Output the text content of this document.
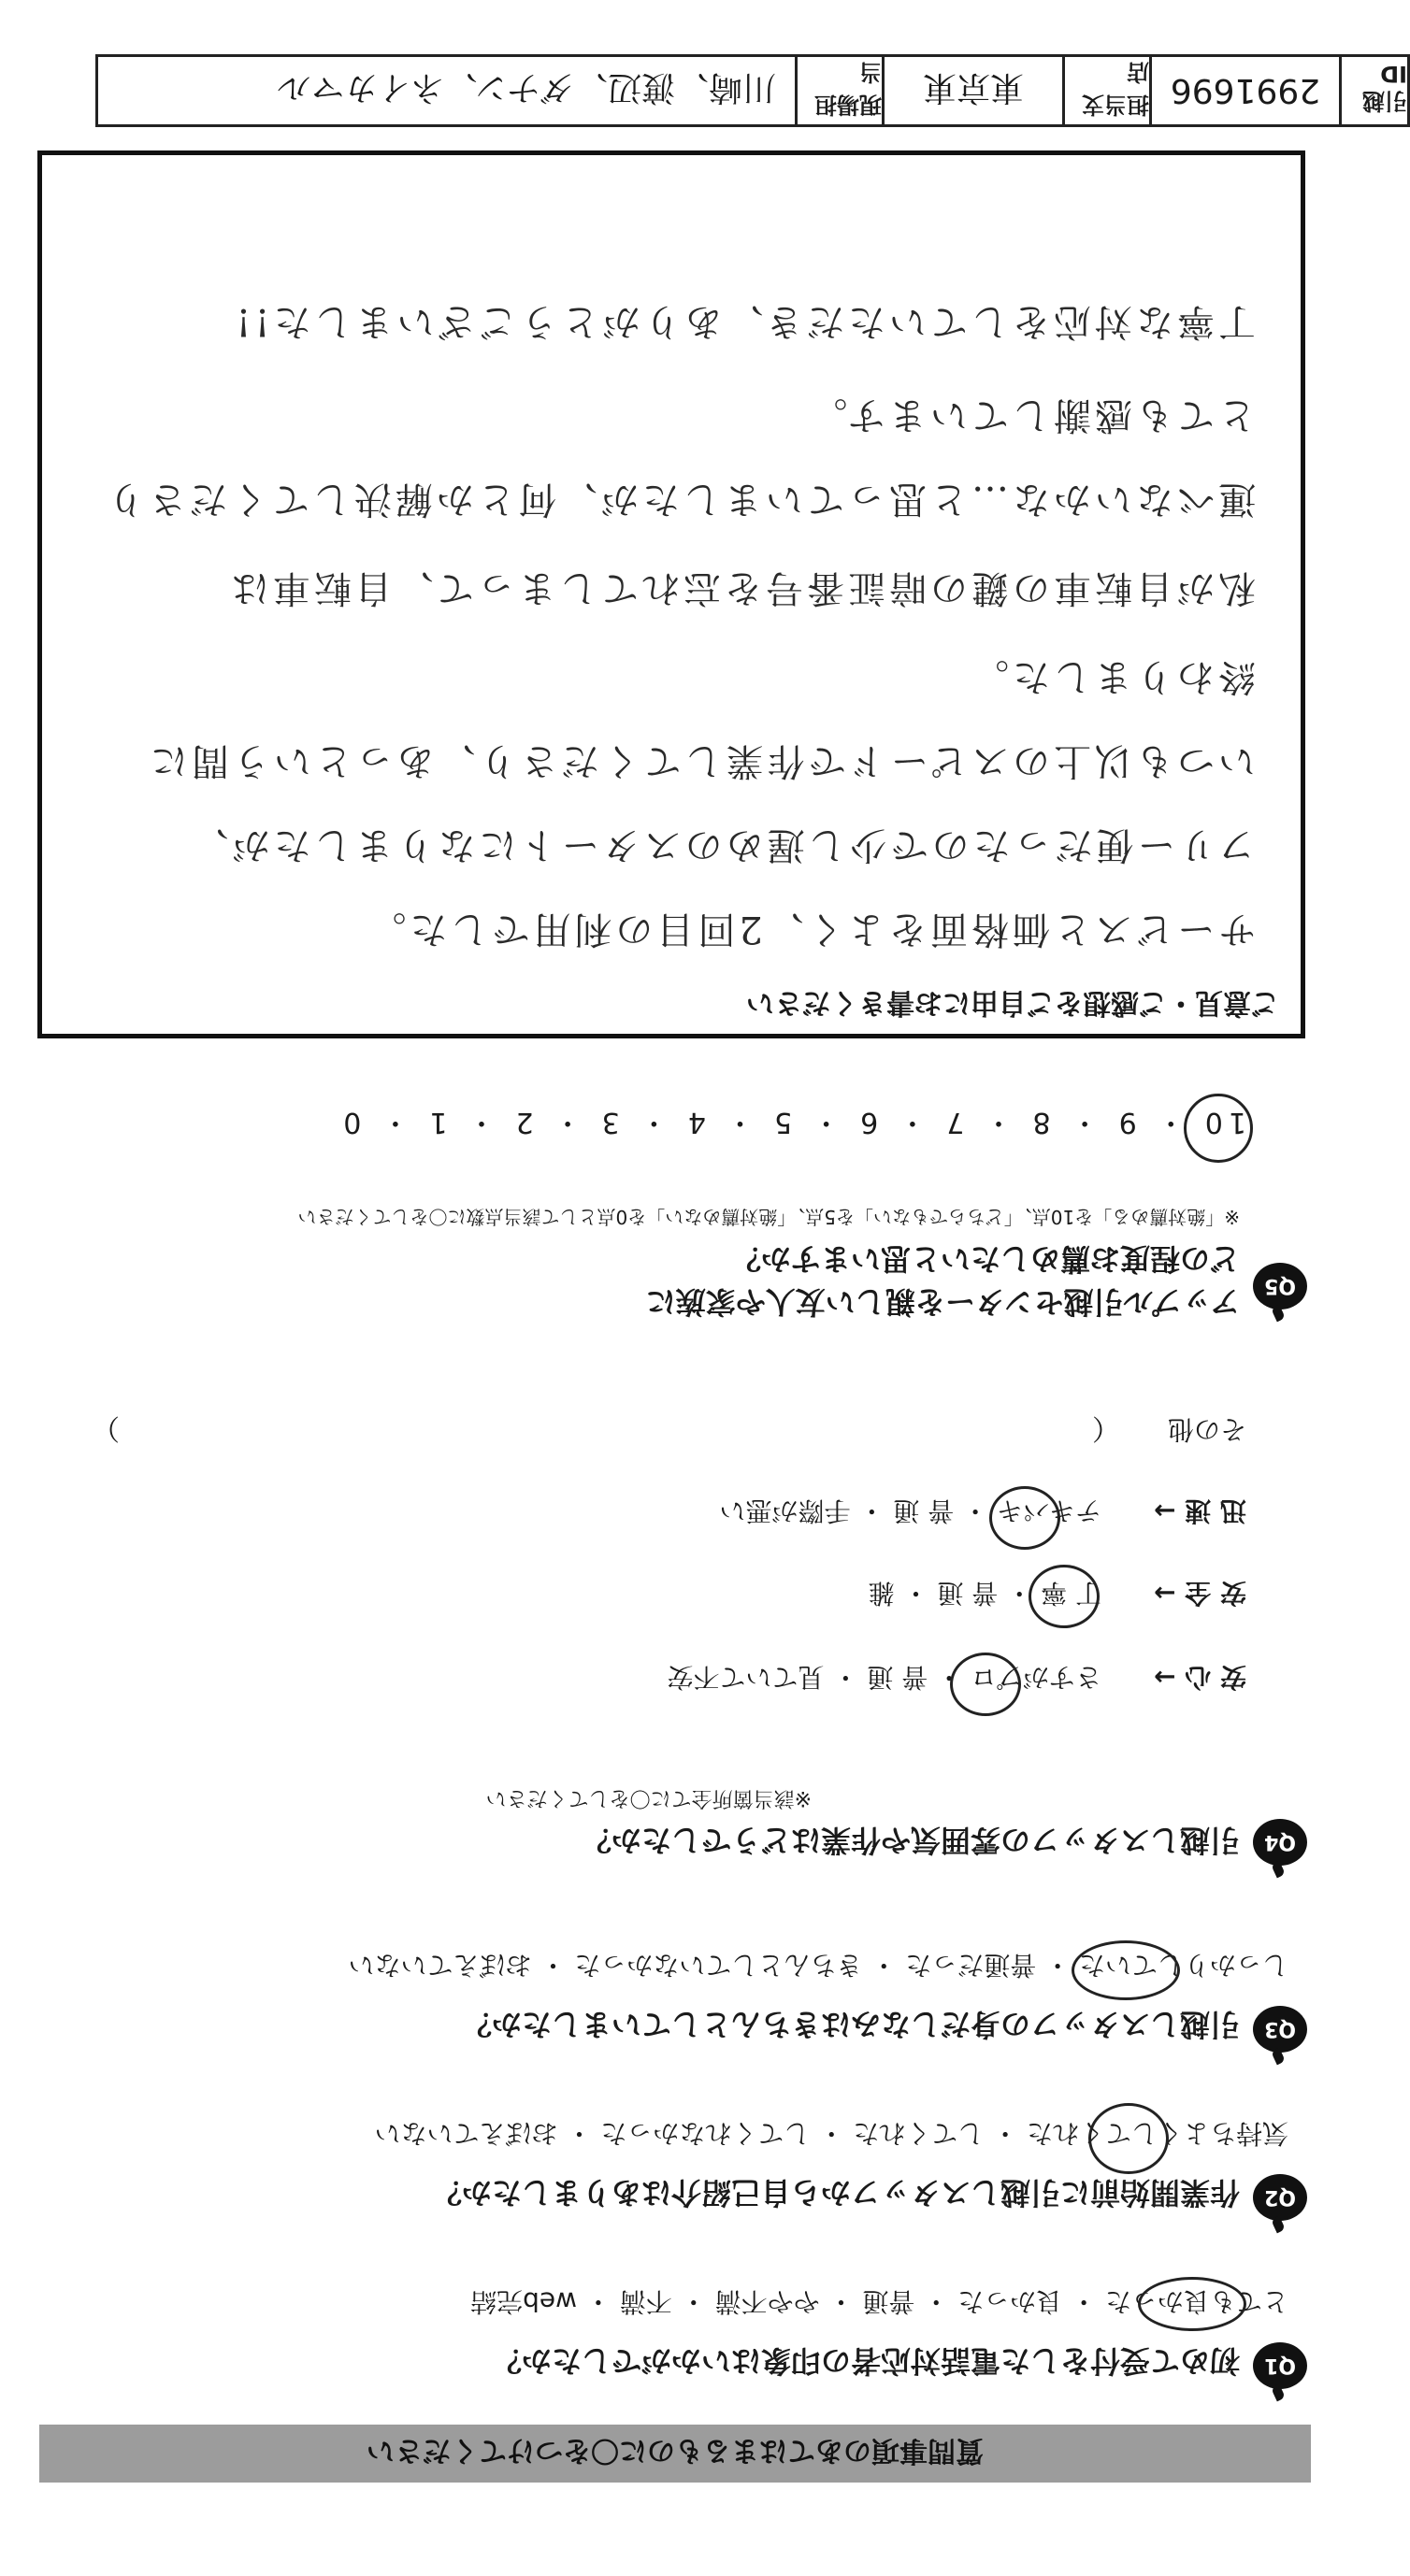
質問事項のあてはまるものに〇をつけてください
Q1
初めて受付をした電話対応者の印象はいかがでしたか？
とても良かった ・ 良かった ・ 普通 ・ やや不満 ・ 不満 ・ web完結
Q2
作業開始前に引越しスタッフから自己紹介はありましたか？
気持ちよくしてくれた ・ してくれた ・ してくれなかった ・ おぼえていない
Q3
引越しスタッフの身だしなみはきちんとしていましたか？
しっかりしていた ・ 普通だった ・ きちんとしていなかった ・ おぼえていない
Q4
引越しスタッフの雰囲気や作業はどうでしたか？
※該当箇所全てに〇をしてください
安 心 →
さすがプロ ・ 普 通 ・ 見ていて不安
安 全 →
丁 寧 ・ 普 通 ・ 雑
迅 速 →
テキパキ ・ 普 通 ・ 手際が悪い
その他
（
）
Q5
アップル引越センターを親しい友人や家族に
どの程度お薦めしたいと思いますか？
※「絶対薦める」を10点、「どちらでもない」を5点、「絶対薦めない」を0点として該当点数に〇をしてください
10 ・ 9 ・ 8 ・ 7 ・ 6 ・ 5 ・ 4 ・ 3 ・ 2 ・ 1 ・ 0
ご意見・ご感想をご自由にお書きください
サービスと価格面をよく、2回目の利用でした。
フリー便だったので少し遅めのスタートになりましたが、
いつも以上のスピードで作業してくださり、あっという間に
終わりました。
私が自転車の鍵の暗証番号を忘れてしまって、自転車は
運べないかな…と思っていましたが、何とか解決してくださり
とても感謝しています。
丁寧な対応をしていただき、ありがとうございました!!
引越 ID
2991696
担当支店
東京東
現場担当
川崎、渡辺、ダナン、ネイカマル
